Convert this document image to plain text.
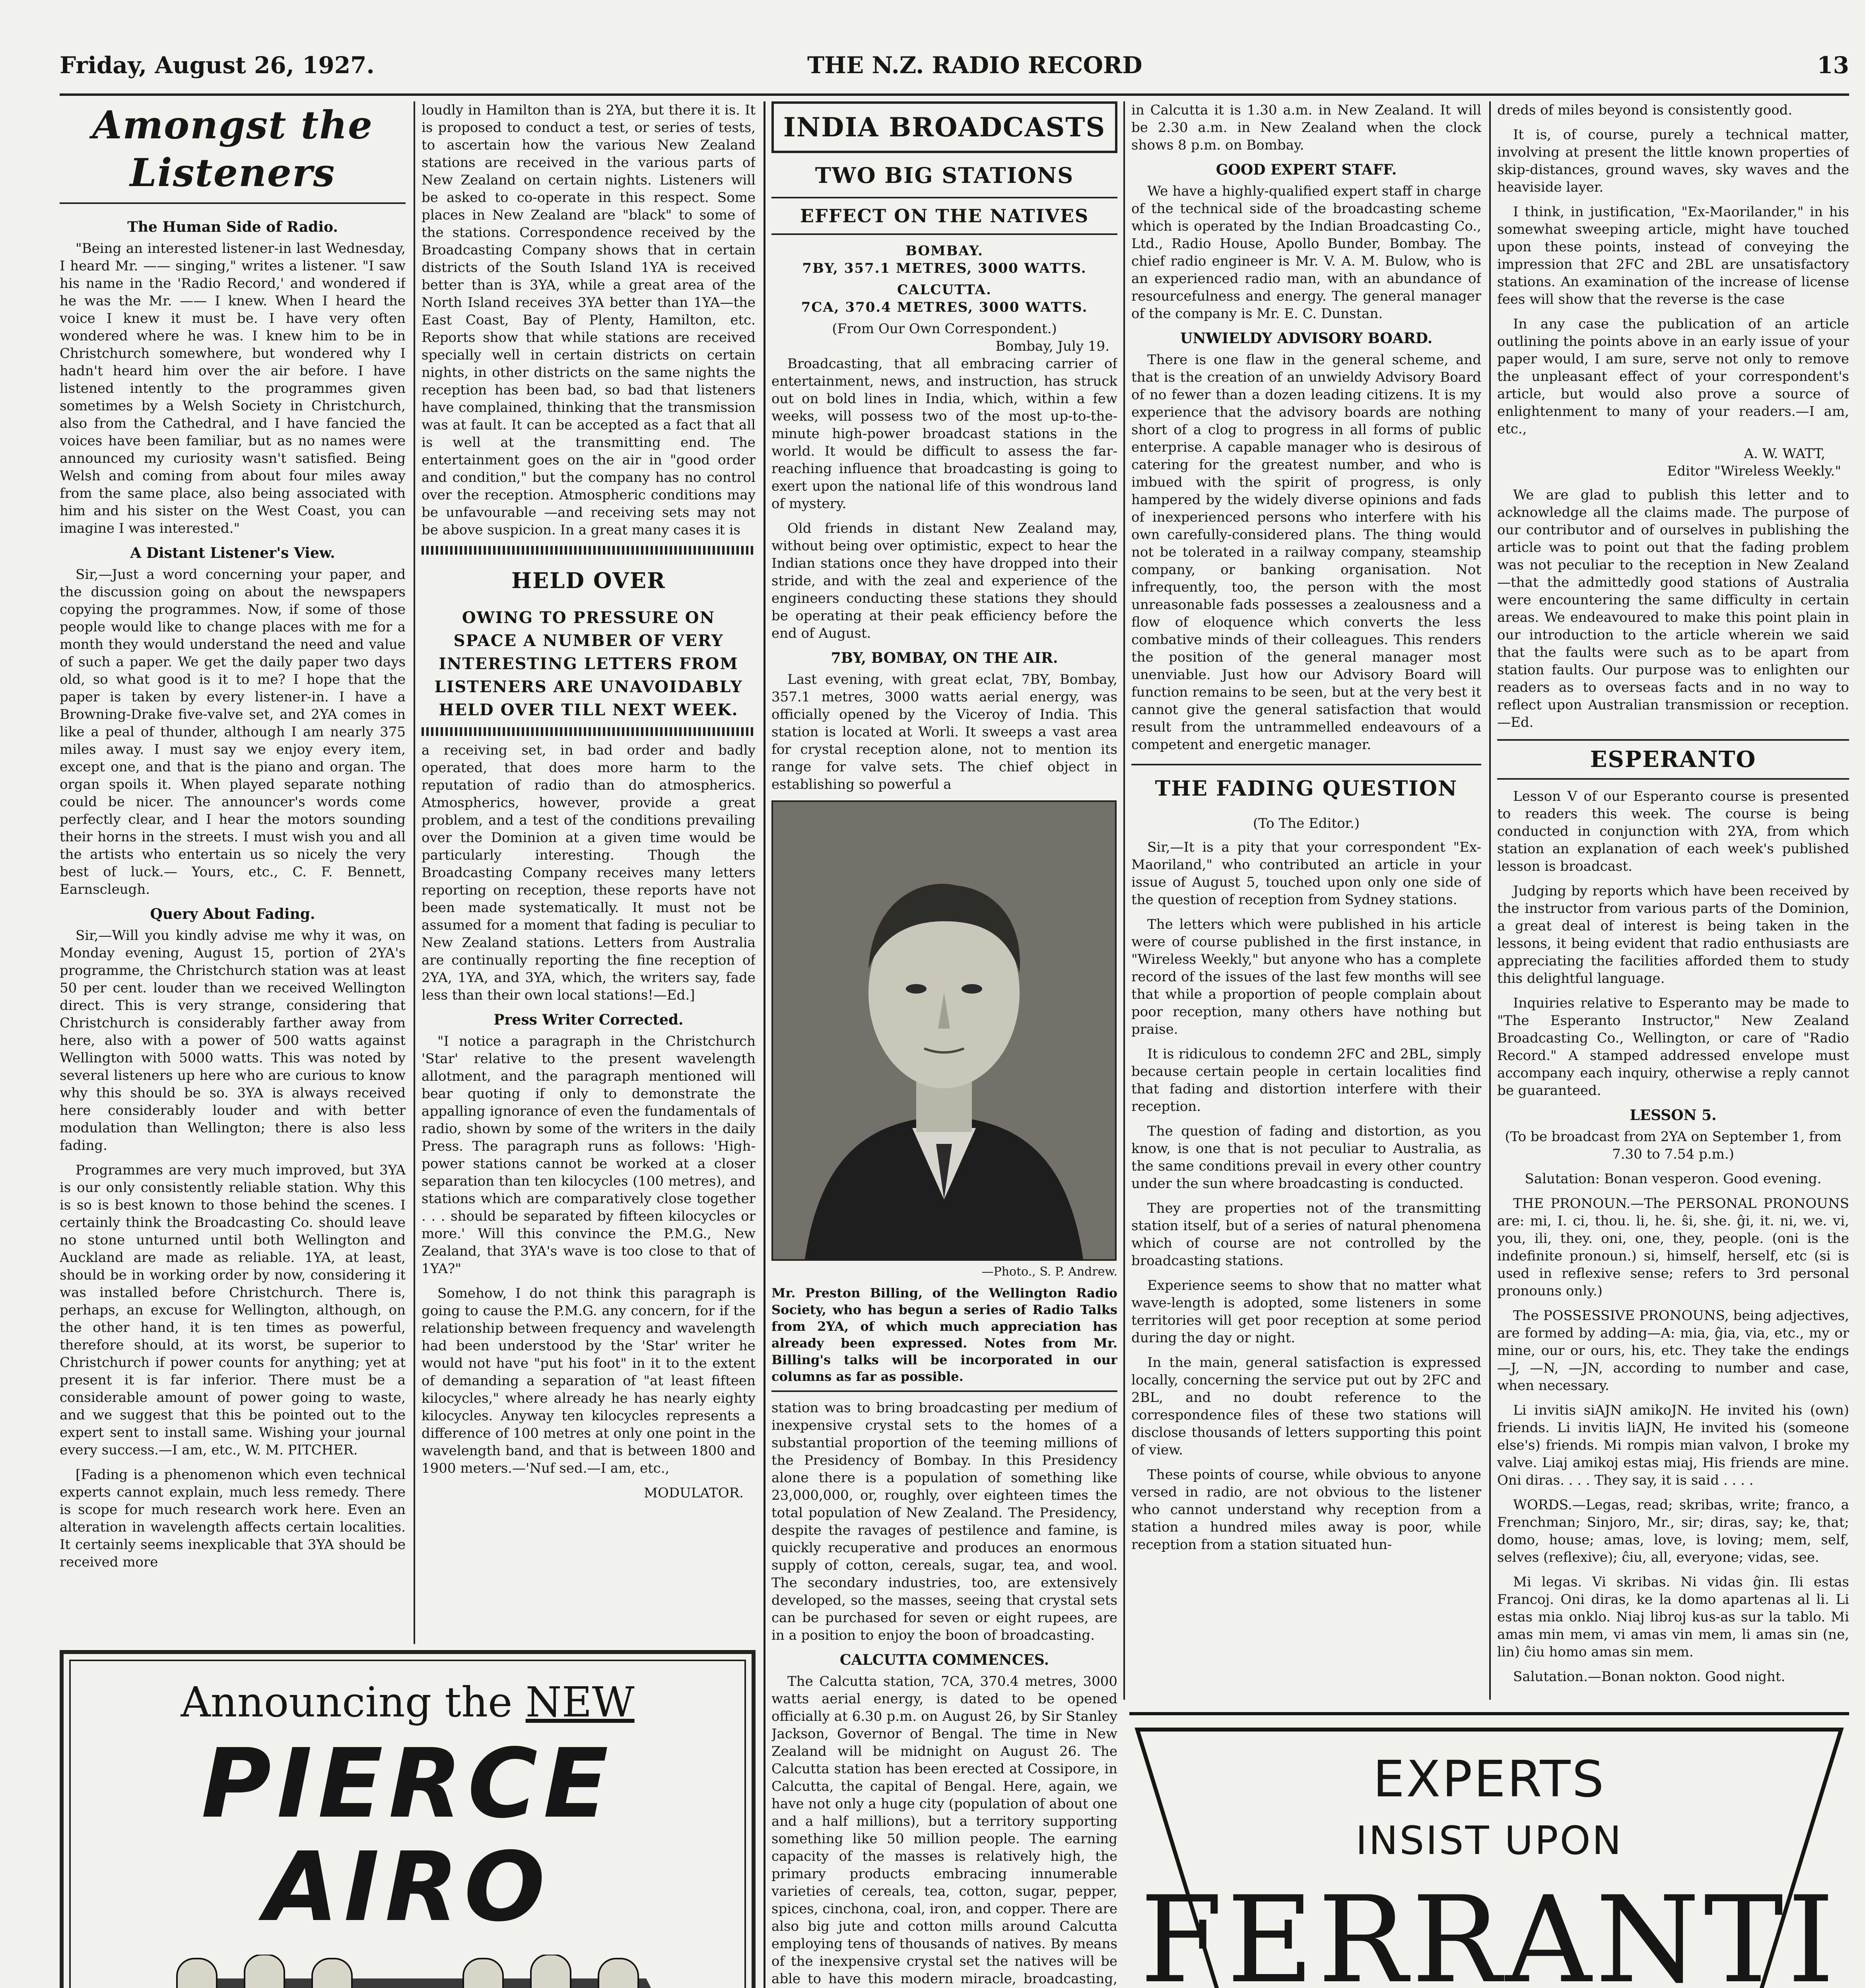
Friday, August 26, 1927.	THE N.Z. RADIO RECORD	13
Amongst the Listeners
The Human Side of Radio.

"Being an interested listener-in last Wednesday, I heard Mr. —— singing," writes a listener. "I saw his name in the 'Radio Record,' and wondered if he was the Mr. —— I knew. When I heard the voice I knew it must be. I have very often wondered where he was. I knew him to be in Christchurch somewhere, but wondered why I hadn't heard him over the air before. I have listened intently to the programmes given sometimes by a Welsh Society in Christchurch, also from the Cathedral, and I have fancied the voices have been familiar, but as no names were announced my curiosity wasn't satisfied. Being Welsh and coming from about four miles away from the same place, also being associated with him and his sister on the West Coast, you can imagine I was interested."

A Distant Listener's View.

Sir,—Just a word concerning your paper, and the discussion going on about the newspapers copying the programmes. Now, if some of those people would like to change places with me for a month they would understand the need and value of such a paper. We get the daily paper two days old, so what good is it to me? I hope that the paper is taken by every listener-in. I have a Browning-Drake five-valve set, and 2YA comes in like a peal of thunder, although I am nearly 375 miles away. I must say we enjoy every item, except one, and that is the piano and organ. The organ spoils it. When played separate nothing could be nicer. The announcer's words come perfectly clear, and I hear the motors sounding their horns in the streets. I must wish you and all the artists who entertain us so nicely the very best of luck.— Yours, etc., C. F. Bennett, Earnscleugh.

Query About Fading.

Sir,—Will you kindly advise me why it was, on Monday evening, August 15, portion of 2YA's programme, the Christchurch station was at least 50 per cent. louder than we received Wellington direct. This is very strange, considering that Christchurch is considerably farther away from here, also with a power of 500 watts against Wellington with 5000 watts. This was noted by several listeners up here who are curious to know why this should be so. 3YA is always received here considerably louder and with better modulation than Wellington; there is also less fading.

Programmes are very much improved, but 3YA is our only consistently reliable station. Why this is so is best known to those behind the scenes. I certainly think the Broadcasting Co. should leave no stone unturned until both Wellington and Auckland are made as reliable. 1YA, at least, should be in working order by now, considering it was installed before Christchurch. There is, perhaps, an excuse for Wellington, although, on the other hand, it is ten times as powerful, therefore should, at its worst, be superior to Christchurch if power counts for anything; yet at present it is far inferior. There must be a considerable amount of power going to waste, and we suggest that this be pointed out to the expert sent to install same. Wishing your journal every success.—I am, etc., W. M. PITCHER.

[Fading is a phenomenon which even technical experts cannot explain, much less remedy. There is scope for much research work here. Even an alteration in wavelength affects certain localities. It certainly seems inexplicable that 3YA should be received more

loudly in Hamilton than is 2YA, but there it is. It is proposed to conduct a test, or series of tests, to ascertain how the various New Zealand stations are received in the various parts of New Zealand on certain nights. Listeners will be asked to co-operate in this respect. Some places in New Zealand are "black" to some of the stations. Correspondence received by the Broadcasting Company shows that in certain districts of the South Island 1YA is received better than is 3YA, while a great area of the North Island receives 3YA better than 1YA—the East Coast, Bay of Plenty, Hamilton, etc. Reports show that while stations are received specially well in certain districts on certain nights, in other districts on the same nights the reception has been bad, so bad that listeners have complained, thinking that the transmission was at fault. It can be accepted as a fact that all is well at the transmitting end. The entertainment goes on the air in "good order and condition," but the company has no control over the reception. Atmospheric conditions may be unfavourable —and receiving sets may not be above suspicion. In a great many cases it is

HELD OVER
OWING TO PRESSURE ON SPACE A NUMBER OF VERY INTERESTING LETTERS FROM LISTENERS ARE UNAVOIDABLY HELD OVER TILL NEXT WEEK.

a receiving set, in bad order and badly operated, that does more harm to the reputation of radio than do atmospherics. Atmospherics, however, provide a great problem, and a test of the conditions prevailing over the Dominion at a given time would be particularly interesting. Though the Broadcasting Company receives many letters reporting on reception, these reports have not been made systematically. It must not be assumed for a moment that fading is peculiar to New Zealand stations. Letters from Australia are continually reporting the fine reception of 2YA, 1YA, and 3YA, which, the writers say, fade less than their own local stations!—Ed.]

Press Writer Corrected.

"I notice a paragraph in the Christchurch 'Star' relative to the present wavelength allotment, and the paragraph mentioned will bear quoting if only to demonstrate the appalling ignorance of even the fundamentals of radio, shown by some of the writers in the daily Press. The paragraph runs as follows: 'High-power stations cannot be worked at a closer separation than ten kilocycles (100 metres), and stations which are comparatively close together . . . should be separated by fifteen kilocycles or more.' Will this convince the P.M.G., New Zealand, that 3YA's wave is too close to that of 1YA?"

Somehow, I do not think this paragraph is going to cause the P.M.G. any concern, for if the relationship between frequency and wavelength had been understood by the 'Star' writer he would not have "put his foot" in it to the extent of demanding a separation of "at least fifteen kilocycles," where already he has nearly eighty kilocycles. Anyway ten kilocycles represents a difference of 100 metres at only one point in the wavelength band, and that is between 1800 and 1900 meters.—'Nuf sed.—I am, etc.,

MODULATOR.
INDIA BROADCASTS
TWO BIG STATIONS
EFFECT ON THE NATIVES
BOMBAY.
7BY, 357.1 METRES, 3000 WATTS.
CALCUTTA.
7CA, 370.4 METRES, 3000 WATTS.
(From Our Own Correspondent.)
Bombay, July 19.

Broadcasting, that all embracing carrier of entertainment, news, and instruction, has struck out on bold lines in India, which, within a few weeks, will possess two of the most up-to-the-minute high-power broadcast stations in the world. It would be difficult to assess the far-reaching influence that broadcasting is going to exert upon the national life of this wondrous land of mystery.

Old friends in distant New Zealand may, without being over optimistic, expect to hear the Indian stations once they have dropped into their stride, and with the zeal and experience of the engineers conducting these stations they should be operating at their peak efficiency before the end of August.

7BY, BOMBAY, ON THE AIR.

Last evening, with great eclat, 7BY, Bombay, 357.1 metres, 3000 watts aerial energy, was officially opened by the Viceroy of India. This station is located at Worli. It sweeps a vast area for crystal reception alone, not to mention its range for valve sets. The chief object in establishing so powerful a

—Photo., S. P. Andrew.
Mr. Preston Billing, of the Wellington Radio Society, who has begun a series of Radio Talks from 2YA, of which much appreciation has already been expressed. Notes from Mr. Billing's talks will be incorporated in our columns as far as possible.

station was to bring broadcasting per medium of inexpensive crystal sets to the homes of a substantial proportion of the teeming millions of the Presidency of Bombay. In this Presidency alone there is a population of something like 23,000,000, or, roughly, over eighteen times the total population of New Zealand. The Presidency, despite the ravages of pestilence and famine, is quickly recuperative and produces an enormous supply of cotton, cereals, sugar, tea, and wool. The secondary industries, too, are extensively developed, so the masses, seeing that crystal sets can be purchased for seven or eight rupees, are in a position to enjoy the boon of broadcasting.

CALCUTTA COMMENCES.

The Calcutta station, 7CA, 370.4 metres, 3000 watts aerial energy, is dated to be opened officially at 6.30 p.m. on August 26, by Sir Stanley Jackson, Governor of Bengal. The time in New Zealand will be midnight on August 26. The Calcutta station has been erected at Cossipore, in Calcutta, the capital of Bengal. Here, again, we have not only a huge city (population of about one and a half millions), but a territory supporting something like 50 million people. The earning capacity of the masses is relatively high, the primary products embracing innumerable varieties of cereals, tea, cotton, sugar, pepper, spices, cinchona, coal, iron, and copper. There are also big jute and cotton mills around Calcutta employing tens of thousands of natives. By means of the inexpensive crystal set the natives will be able to have this modern miracle, broadcasting,

in Calcutta it is 1.30 a.m. in New Zealand. It will be 2.30 a.m. in New Zealand when the clock shows 8 p.m. on Bombay.

GOOD EXPERT STAFF.

We have a highly-qualified expert staff in charge of the technical side of the broadcasting scheme which is operated by the Indian Broadcasting Co., Ltd., Radio House, Apollo Bunder, Bombay. The chief radio engineer is Mr. V. A. M. Bulow, who is an experienced radio man, with an abundance of resourcefulness and energy. The general manager of the company is Mr. E. C. Dunstan.

UNWIELDY ADVISORY BOARD.

There is one flaw in the general scheme, and that is the creation of an unwieldy Advisory Board of no fewer than a dozen leading citizens. It is my experience that the advisory boards are nothing short of a clog to progress in all forms of public enterprise. A capable manager who is desirous of catering for the greatest number, and who is imbued with the spirit of progress, is only hampered by the widely diverse opinions and fads of inexperienced persons who interfere with his own carefully-considered plans. The thing would not be tolerated in a railway company, steamship company, or banking organisation. Not infrequently, too, the person with the most unreasonable fads possesses a zealousness and a flow of eloquence which converts the less combative minds of their colleagues. This renders the position of the general manager most unenviable. Just how our Advisory Board will function remains to be seen, but at the very best it cannot give the general satisfaction that would result from the untrammelled endeavours of a competent and energetic manager.

THE FADING QUESTION
(To The Editor.)

Sir,—It is a pity that your correspondent "Ex-Maoriland," who contributed an article in your issue of August 5, touched upon only one side of the question of reception from Sydney stations.

The letters which were published in his article were of course published in the first instance, in "Wireless Weekly," but anyone who has a complete record of the issues of the last few months will see that while a proportion of people complain about poor reception, many others have nothing but praise.

It is ridiculous to condemn 2FC and 2BL, simply because certain people in certain localities find that fading and distortion interfere with their reception.

The question of fading and distortion, as you know, is one that is not peculiar to Australia, as the same conditions prevail in every other country under the sun where broadcasting is conducted.

They are properties not of the transmitting station itself, but of a series of natural phenomena which of course are not controlled by the broadcasting stations.

Experience seems to show that no matter what wave-length is adopted, some listeners in some territories will get poor reception at some period during the day or night.

In the main, general satisfaction is expressed locally, concerning the service put out by 2FC and 2BL, and no doubt reference to the correspondence files of these two stations will disclose thousands of letters supporting this point of view.

These points of course, while obvious to anyone versed in radio, are not obvious to the listener who cannot understand why reception from a station a hundred miles away is poor, while reception from a station situated hun-

dreds of miles beyond is consistently good.

It is, of course, purely a technical matter, involving at present the little known properties of skip-distances, ground waves, sky waves and the heaviside layer.

I think, in justification, "Ex-Maorilander," in his somewhat sweeping article, might have touched upon these points, instead of conveying the impression that 2FC and 2BL are unsatisfactory stations. An examination of the increase of license fees will show that the reverse is the case

In any case the publication of an article outlining the points above in an early issue of your paper would, I am sure, serve not only to remove the unpleasant effect of your correspondent's article, but would also prove a source of enlightenment to many of your readers.—I am, etc.,

A. W. WATT,
Editor "Wireless Weekly."

We are glad to publish this letter and to acknowledge all the claims made. The purpose of our contributor and of ourselves in publishing the article was to point out that the fading problem was not peculiar to the reception in New Zealand—that the admittedly good stations of Australia were encountering the same difficulty in certain areas. We endeavoured to make this point plain in our introduction to the article wherein we said that the faults were such as to be apart from station faults. Our purpose was to enlighten our readers as to overseas facts and in no way to reflect upon Australian transmission or reception.—Ed.

ESPERANTO

Lesson V of our Esperanto course is presented to readers this week. The course is being conducted in conjunction with 2YA, from which station an explanation of each week's published lesson is broadcast.

Judging by reports which have been received by the instructor from various parts of the Dominion, a great deal of interest is being taken in the lessons, it being evident that radio enthusiasts are appreciating the facilities afforded them to study this delightful language.

Inquiries relative to Esperanto may be made to "The Esperanto Instructor," New Zealand Broadcasting Co., Wellington, or care of "Radio Record." A stamped addressed envelope must accompany each inquiry, otherwise a reply cannot be guaranteed.

LESSON 5.

(To be broadcast from 2YA on September 1, from 7.30 to 7.54 p.m.)

Salutation: Bonan vesperon. Good evening.

THE PRONOUN.—The PERSONAL PRONOUNS are: mi, I. ci, thou. li, he. ŝi, she. ĝi, it. ni, we. vi, you, ili, they. oni, one, they, people. (oni is the indefinite pronoun.) si, himself, herself, etc (si is used in reflexive sense; refers to 3rd personal pronouns only.)

The POSSESSIVE PRONOUNS, being adjectives, are formed by adding—A: mia, ĝia, via, etc., my or mine, our or ours, his, etc. They take the endings —J, —N, —JN, according to number and case, when necessary.

Li invitis siAJN amikoJN. He invited his (own) friends. Li invitis liAJN, He invited his (someone else's) friends. Mi rompis mian valvon, I broke my valve. Liaj amikoj estas miaj, His friends are mine. Oni diras. . . . They say, it is said . . . .

WORDS.—Legas, read; skribas, write; franco, a Frenchman; Sinjoro, Mr., sir; diras, say; ke, that; domo, house; amas, love, is loving; mem, self, selves (reflexive); ĉiu, all, everyone; vidas, see.

Mi legas. Vi skribas. Ni vidas ĝin. Ili estas Francoj. Oni diras, ke la domo apartenas al li. Li estas mia onklo. Niaj libroj kus-as sur la tablo. Mi amas min mem, vi amas vin mem, li amas sin (ne, lin) ĉiu homo amas sin mem.

Salutation.—Bonan nokton. Good night.

Announcing the NEW
PIERCE
AIRO
EXPERTS
INSIST UPON
FERRANTI
